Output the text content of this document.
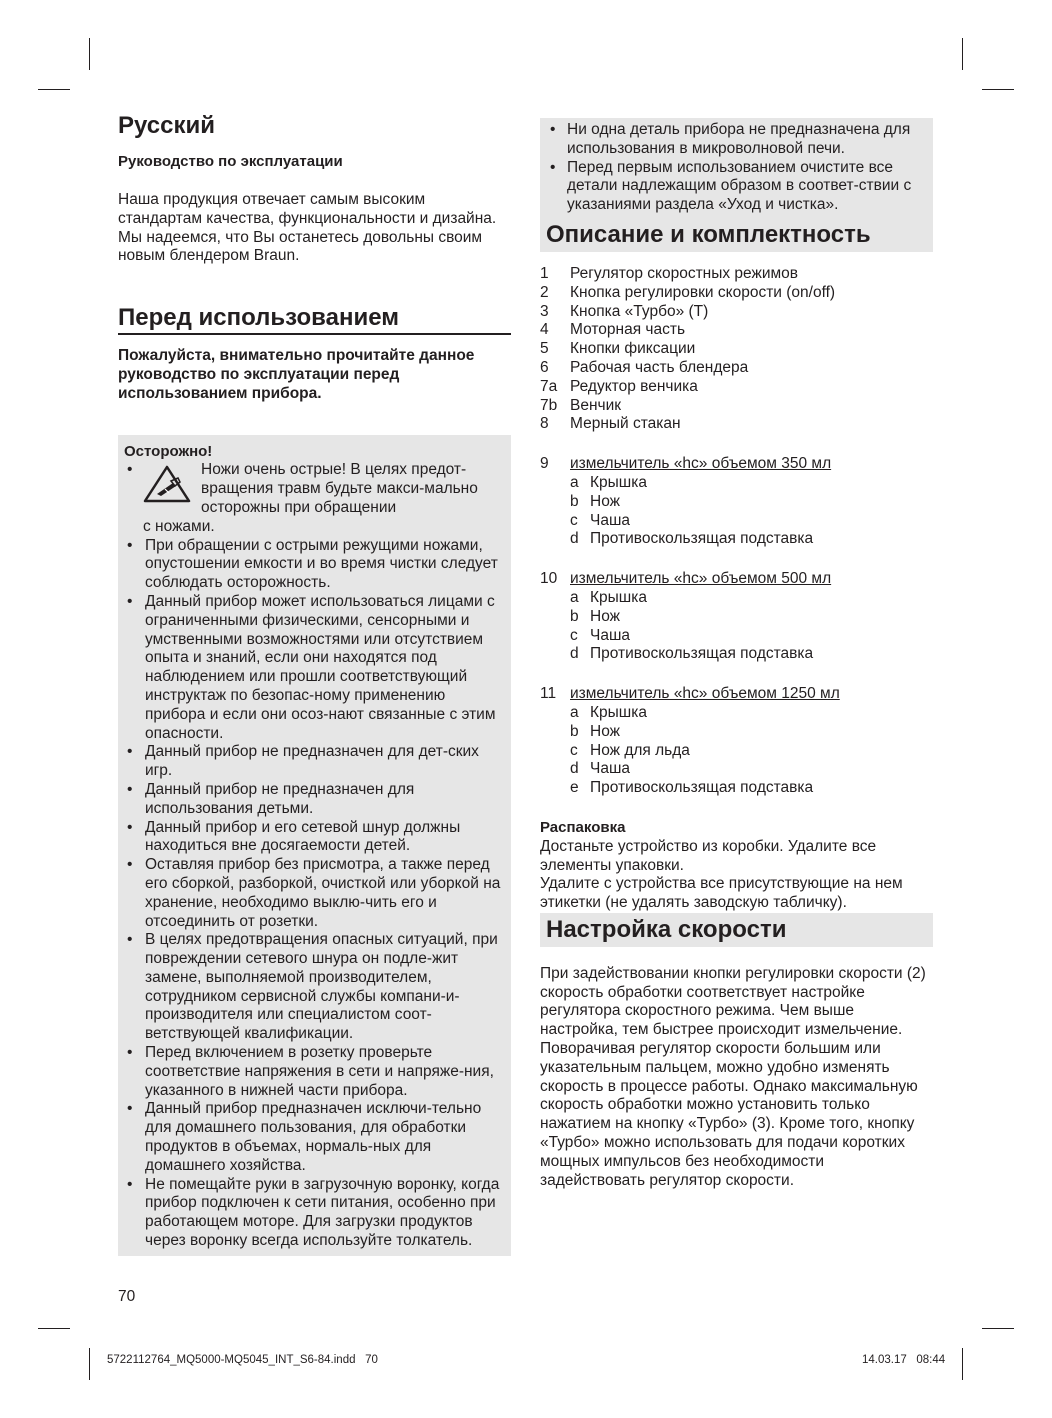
Русский
Руководство по эксплуатации

Наша продукция отвечает самым высоким стандартам качества, функциональности и дизайна.

Мы надеемся, что Вы останетесь довольны своим новым блендером Braun.

Перед использованием

Пожалуйста, внимательно прочитайте данное руководство по эксплуатации перед использованием прибора.

Осторожно!
• Ножи очень острые! В целях предот-вращения травм будьте макси-мально осторожны при обращении
с ножами.
• При обращении с острыми режущими ножами, опустошении емкости и во время чистки следует соблюдать осторожность.
• Данный прибор может использоваться лицами с ограниченными физическими, сенсорными и умственными возможностями или отсутствием опыта и знаний, если они находятся под наблюдением или прошли соответствующий инструктаж по безопас-ному применению прибора и если они осоз-нают связанные с этим опасности.
• Данный прибор не предназначен для дет-ских игр.
• Данный прибор не предназначен для использования детьми.
• Данный прибор и его сетевой шнур должны находиться вне досягаемости детей.
• Оставляя прибор без присмотра, а также перед его сборкой, разборкой, очисткой или уборкой на хранение, необходимо выклю-чить его и отсоединить от розетки.
• В целях предотвращения опасных ситуаций, при повреждении сетевого шнура он подле-жит замене, выполняемой производителем, сотрудником сервисной службы компани-и-производителя или специалистом соот-ветствующей квалификации.
• Перед включением в розетку проверьте соответствие напряжения в сети и напряже-ния, указанного в нижней части прибора.
• Данный прибор предназначен исключи-тельно для домашнего пользования, для обработки продуктов в объемах, нормаль-ных для домашнего хозяйства.
• Не помещайте руки в загрузочную воронку, когда прибор подключен к сети питания, особенно при работающем моторе. Для загрузки продуктов через воронку всегда используйте толкатель.
• Ни одна деталь прибора не предназначена для использования в микроволновой печи.
• Перед первым использованием очистите все детали надлежащим образом в соответ-ствии с указаниями раздела «Уход и чистка».
Описание и комплектность
1	Регулятор скоростных режимов
2	Кнопка регулировки скорости (on/off)
3	Кнопка «Турбо» (T)
4	Моторная часть
5	Кнопки фиксации
6	Рабочая часть блендера
7a Редуктор венчика
7b Венчик
8	Мерный стакан
9	измельчитель «hc» объемом 350 мл
a Крышка
b Нож
c Чаша
d Противоскользящая подставка
10 измельчитель «hc» объемом 500 мл
a Крышка
b Нож
c Чаша
d Противоскользящая подставка
11 измельчитель «hc» объемом 1250 мл
a Крышка
b Нож
c Нож для льда
d Чаша
e Противоскользящая подставка
Распаковка

Достаньте устройство из коробки. Удалите все элементы упаковки.

Удалите с устройства все присутствующие на нем этикетки (не удалять заводскую табличку).

Настройка скорости

При задействовании кнопки регулировки скорости (2) скорость обработки соответствует настройке регулятора скоростного режима. Чем выше настройка, тем быстрее происходит измельчение. Поворачивая регулятор скорости большим или указательным пальцем, можно удобно изменять скорость в процессе работы. Однако максимальную скорость обработки можно установить только нажатием на кнопку «Турбо» (3). Кроме того, кнопку «Турбо» можно использовать для подачи коротких мощных импульсов без необходимости задействовать регулятор скорости.

70
5722112764_MQ5000-MQ5045_INT_S6-84.indd   70	14.03.17   08:44
